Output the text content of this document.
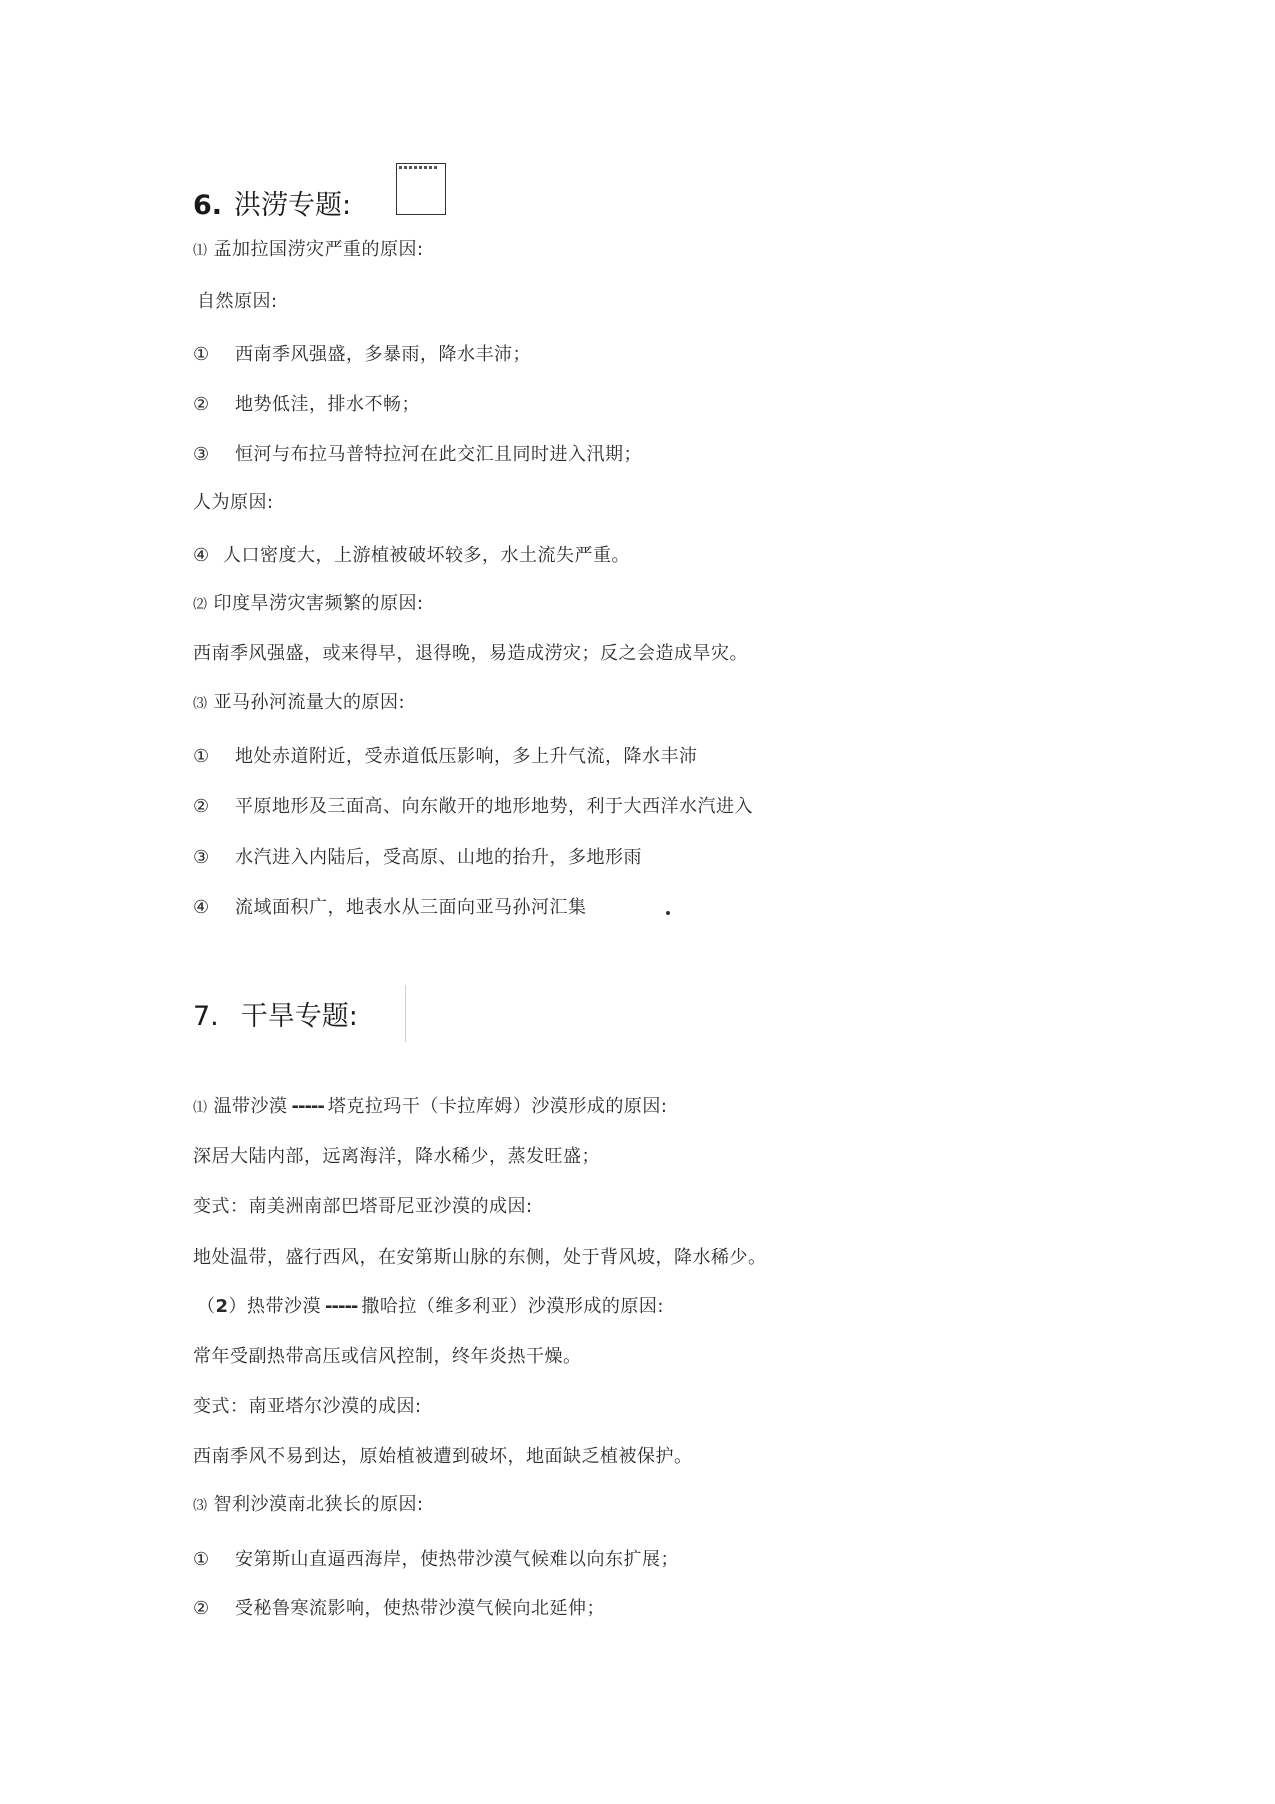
6. 洪涝专题:
⑴ 孟加拉国涝灾严重的原因:
自然原因:
① 西南季风强盛，多暴雨，降水丰沛；
② 地势低洼，排水不畅；
③ 恒河与布拉马普特拉河在此交汇且同时进入汛期；
人为原因:
④ 人口密度大，上游植被破坏较多，水土流失严重。
⑵ 印度旱涝灾害频繁的原因:
西南季风强盛，或来得早，退得晚，易造成涝灾；反之会造成旱灾。
⑶ 亚马孙河流量大的原因:
① 地处赤道附近，受赤道低压影响，多上升气流，降水丰沛
② 平原地形及三面高、向东敞开的地形地势，利于大西洋水汽进入
③ 水汽进入内陆后，受高原、山地的抬升，多地形雨
④ 流域面积广，地表水从三面向亚马孙河汇集
7. 干旱专题:
⑴ 温带沙漠 ----- 塔克拉玛干（卡拉库姆）沙漠形成的原因:
深居大陆内部，远离海洋，降水稀少，蒸发旺盛；
变式：南美洲南部巴塔哥尼亚沙漠的成因:
地处温带，盛行西风，在安第斯山脉的东侧，处于背风坡，降水稀少。
（2）热带沙漠 ----- 撒哈拉（维多利亚）沙漠形成的原因:
常年受副热带高压或信风控制，终年炎热干燥。
变式：南亚塔尔沙漠的成因:
西南季风不易到达，原始植被遭到破坏，地面缺乏植被保护。
⑶ 智利沙漠南北狭长的原因:
① 安第斯山直逼西海岸，使热带沙漠气候难以向东扩展；
② 受秘鲁寒流影响，使热带沙漠气候向北延伸；
